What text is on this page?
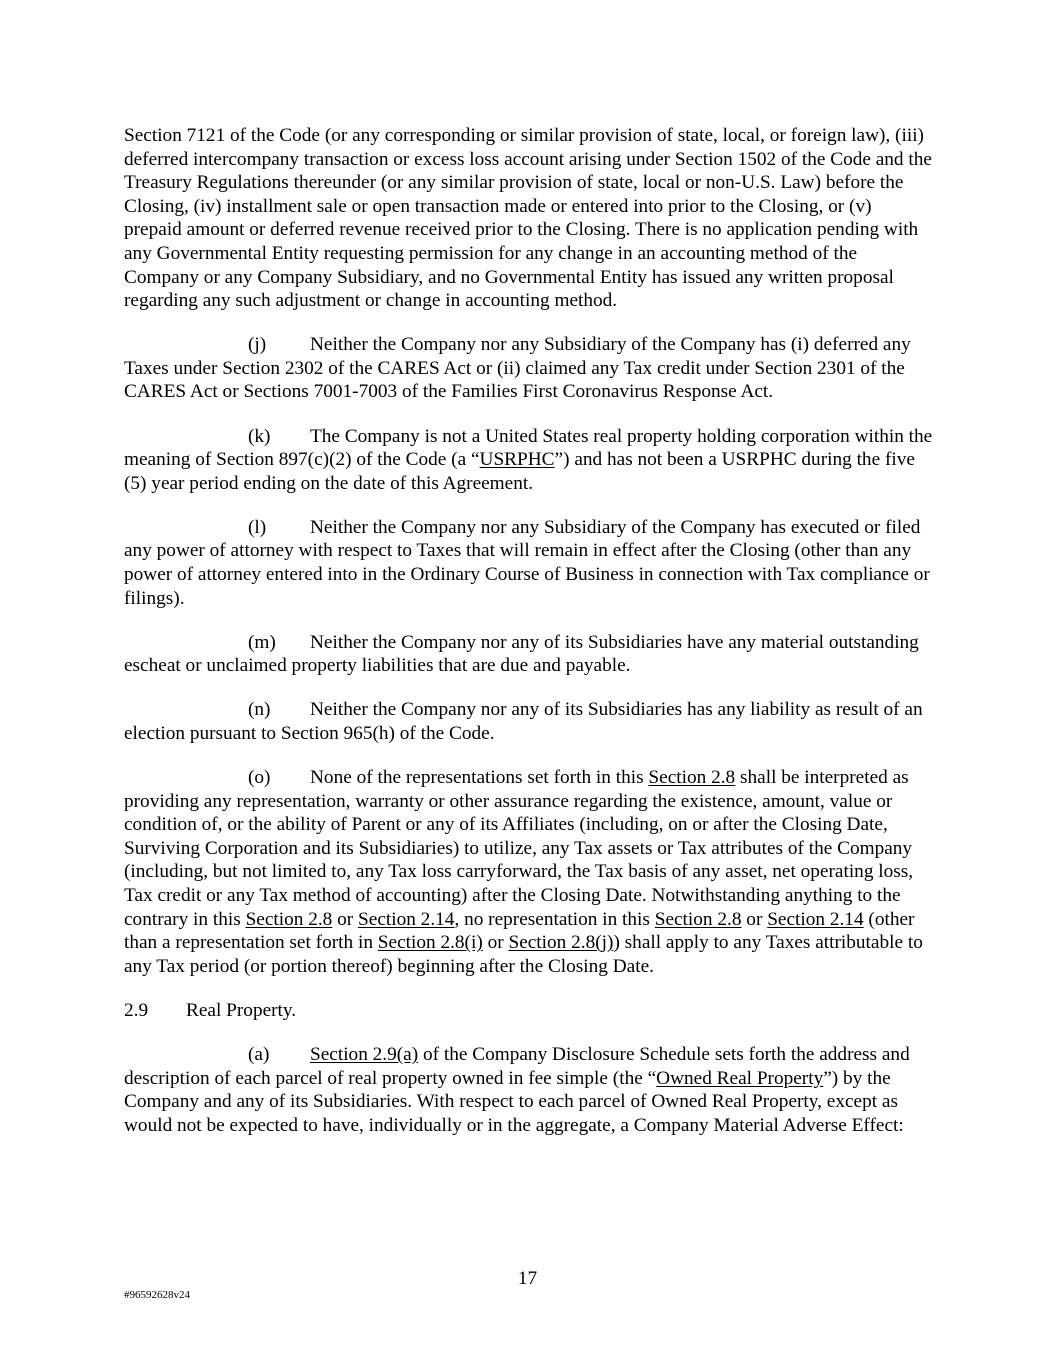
Section 7121 of the Code (or any corresponding or similar provision of state, local, or foreign law), (iii) deferred intercompany transaction or excess loss account arising under Section 1502 of the Code and the Treasury Regulations thereunder (or any similar provision of state, local or non-U.S. Law) before the Closing, (iv) installment sale or open transaction made or entered into prior to the Closing, or (v) prepaid amount or deferred revenue received prior to the Closing. There is no application pending with any Governmental Entity requesting permission for any change in an accounting method of the Company or any Company Subsidiary, and no Governmental Entity has issued any written proposal regarding any such adjustment or change in accounting method.

(j) Neither the Company nor any Subsidiary of the Company has (i) deferred any Taxes under Section 2302 of the CARES Act or (ii) claimed any Tax credit under Section 2301 of the CARES Act or Sections 7001-7003 of the Families First Coronavirus Response Act.

(k) The Company is not a United States real property holding corporation within the meaning of Section 897(c)(2) of the Code (a “USRPHC”) and has not been a USRPHC during the five (5) year period ending on the date of this Agreement.

(l) Neither the Company nor any Subsidiary of the Company has executed or filed any power of attorney with respect to Taxes that will remain in effect after the Closing (other than any power of attorney entered into in the Ordinary Course of Business in connection with Tax compliance or filings).

(m) Neither the Company nor any of its Subsidiaries have any material outstanding escheat or unclaimed property liabilities that are due and payable.

(n) Neither the Company nor any of its Subsidiaries has any liability as result of an election pursuant to Section 965(h) of the Code.

(o) None of the representations set forth in this Section 2.8 shall be interpreted as providing any representation, warranty or other assurance regarding the existence, amount, value or condition of, or the ability of Parent or any of its Affiliates (including, on or after the Closing Date, Surviving Corporation and its Subsidiaries) to utilize, any Tax assets or Tax attributes of the Company (including, but not limited to, any Tax loss carryforward, the Tax basis of any asset, net operating loss, Tax credit or any Tax method of accounting) after the Closing Date. Notwithstanding anything to the contrary in this Section 2.8 or Section 2.14, no representation in this Section 2.8 or Section 2.14 (other than a representation set forth in Section 2.8(i) or Section 2.8(j)) shall apply to any Taxes attributable to any Tax period (or portion thereof) beginning after the Closing Date.

2.9 Real Property.

(a) Section 2.9(a) of the Company Disclosure Schedule sets forth the address and description of each parcel of real property owned in fee simple (the “Owned Real Property”) by the Company and any of its Subsidiaries. With respect to each parcel of Owned Real Property, except as would not be expected to have, individually or in the aggregate, a Company Material Adverse Effect:

17
#96592628v24
